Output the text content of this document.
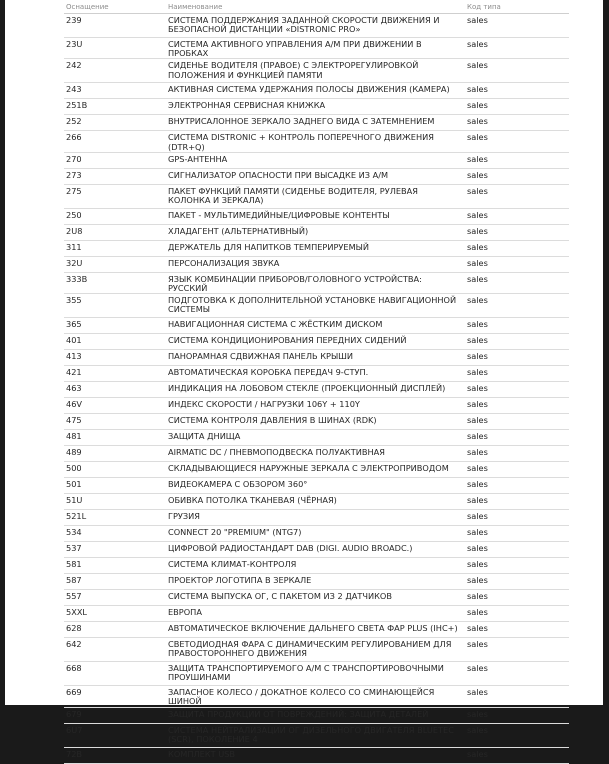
Оснащение	Наименование	Код типа
239	СИСТЕМА ПОДДЕРЖАНИЯ ЗАДАННОЙ СКОРОСТИ ДВИЖЕНИЯ И БЕЗОПАСНОЙ ДИСТАНЦИИ «DISTRONIC PRO»	sales
23U	СИСТЕМА АКТИВНОГО УПРАВЛЕНИЯ А/М ПРИ ДВИЖЕНИИ В ПРОБКАХ	sales
242	СИДЕНЬЕ ВОДИТЕЛЯ (ПРАВОЕ) С ЭЛЕКТРОРЕГУЛИРОВКОЙ ПОЛОЖЕНИЯ И ФУНКЦИЕЙ ПАМЯТИ	sales
243	АКТИВНАЯ СИСТЕМА УДЕРЖАНИЯ ПОЛОСЫ ДВИЖЕНИЯ (КАМЕРА)	sales
251B	ЭЛЕКТРОННАЯ СЕРВИСНАЯ КНИЖКА	sales
252	ВНУТРИСАЛОННОЕ ЗЕРКАЛО ЗАДНЕГО ВИДА С ЗАТЕМНЕНИЕМ	sales
266	СИСТЕМА DISTRONIC + КОНТРОЛЬ ПОПЕРЕЧНОГО ДВИЖЕНИЯ (DTR+Q)	sales
270	GPS-АНТЕННА	sales
273	СИГНАЛИЗАТОР ОПАСНОСТИ ПРИ ВЫСАДКЕ ИЗ А/М	sales
275	ПАКЕТ ФУНКЦИЙ ПАМЯТИ (СИДЕНЬЕ ВОДИТЕЛЯ, РУЛЕВАЯ КОЛОНКА И ЗЕРКАЛА)	sales
250	ПАКЕТ - МУЛЬТИМЕДИЙНЫЕ/ЦИФРОВЫЕ КОНТЕНТЫ	sales
2U8	ХЛАДАГЕНТ (АЛЬТЕРНАТИВНЫЙ)	sales
311	ДЕРЖАТЕЛЬ ДЛЯ НАПИТКОВ ТЕМПЕРИРУЕМЫЙ	sales
32U	ПЕРСОНАЛИЗАЦИЯ ЗВУКА	sales
333B	ЯЗЫК КОМБИНАЦИИ ПРИБОРОВ/ГОЛОВНОГО УСТРОЙСТВА: РУССКИЙ	sales
355	ПОДГОТОВКА К ДОПОЛНИТЕЛЬНОЙ УСТАНОВКЕ НАВИГАЦИОННОЙ СИСТЕМЫ	sales
365	НАВИГАЦИОННАЯ СИСТЕМА С ЖЁСТКИМ ДИСКОМ	sales
401	СИСТЕМА КОНДИЦИОНИРОВАНИЯ ПЕРЕДНИХ СИДЕНИЙ	sales
413	ПАНОРАМНАЯ СДВИЖНАЯ ПАНЕЛЬ КРЫШИ	sales
421	АВТОМАТИЧЕСКАЯ КОРОБКА ПЕРЕДАЧ 9-СТУП.	sales
463	ИНДИКАЦИЯ НА ЛОБОВОМ СТЕКЛЕ (ПРОЕКЦИОННЫЙ ДИСПЛЕЙ)	sales
46V	ИНДЕКС СКОРОСТИ / НАГРУЗКИ 106Y + 110Y	sales
475	СИСТЕМА КОНТРОЛЯ ДАВЛЕНИЯ В ШИНАХ (RDK)	sales
481	ЗАЩИТА ДНИЩА	sales
489	AIRMATIC DC / ПНЕВМОПОДВЕСКА ПОЛУАКТИВНАЯ	sales
500	СКЛАДЫВАЮЩИЕСЯ НАРУЖНЫЕ ЗЕРКАЛА С ЭЛЕКТРОПРИВОДОМ	sales
501	ВИДЕОКАМЕРА С ОБЗОРОМ 360°	sales
51U	ОБИВКА ПОТОЛКА ТКАНЕВАЯ (ЧЁРНАЯ)	sales
521L	ГРУЗИЯ	sales
534	CONNECT 20 "PREMIUM" (NTG7)	sales
537	ЦИФРОВОЙ РАДИОСТАНДАРТ DAB (DIGI. AUDIO BROADC.)	sales
581	СИСТЕМА КЛИМАТ-КОНТРОЛЯ	sales
587	ПРОЕКТОР ЛОГОТИПА В ЗЕРКАЛЕ	sales
557	СИСТЕМА ВЫПУСКА ОГ, С ПАКЕТОМ ИЗ 2 ДАТЧИКОВ	sales
5XXL	ЕВРОПА	sales
628	АВТОМАТИЧЕСКОЕ ВКЛЮЧЕНИЕ ДАЛЬНЕГО СВЕТА ФАР PLUS (IHC+)	sales
642	СВЕТОДИОДНАЯ ФАРА С ДИНАМИЧЕСКИМ РЕГУЛИРОВАНИЕМ ДЛЯ ПРАВОСТОРОННЕГО ДВИЖЕНИЯ	sales
668	ЗАЩИТА ТРАНСПОРТИРУЕМОГО А/М С ТРАНСПОРТИРОВОЧНЫМИ ПРОУШИНАМИ	sales
669	ЗАПАСНОЕ КОЛЕСО / ДОКАТНОЕ КОЛЕСО СО СМИНАЮЩЕЙСЯ ШИНОЙ	sales
679	ЗАЩИТА ПРОДУКЦИИ ОТ ПОВРЕЖДЕНИЙ: ЗАЩИТА ДЕТАЛЕЙ	sales
6U7	СИСТЕМА НЕЙТРАЛИЗАЦИИ ОГ ДИЗЕЛЬНОГО ДВИГАТЕЛЯ BLUETEC (SCR), ПОКОЛЕНИЕ 4	sales
72B	КОМПЛЕКТ USB	sales
